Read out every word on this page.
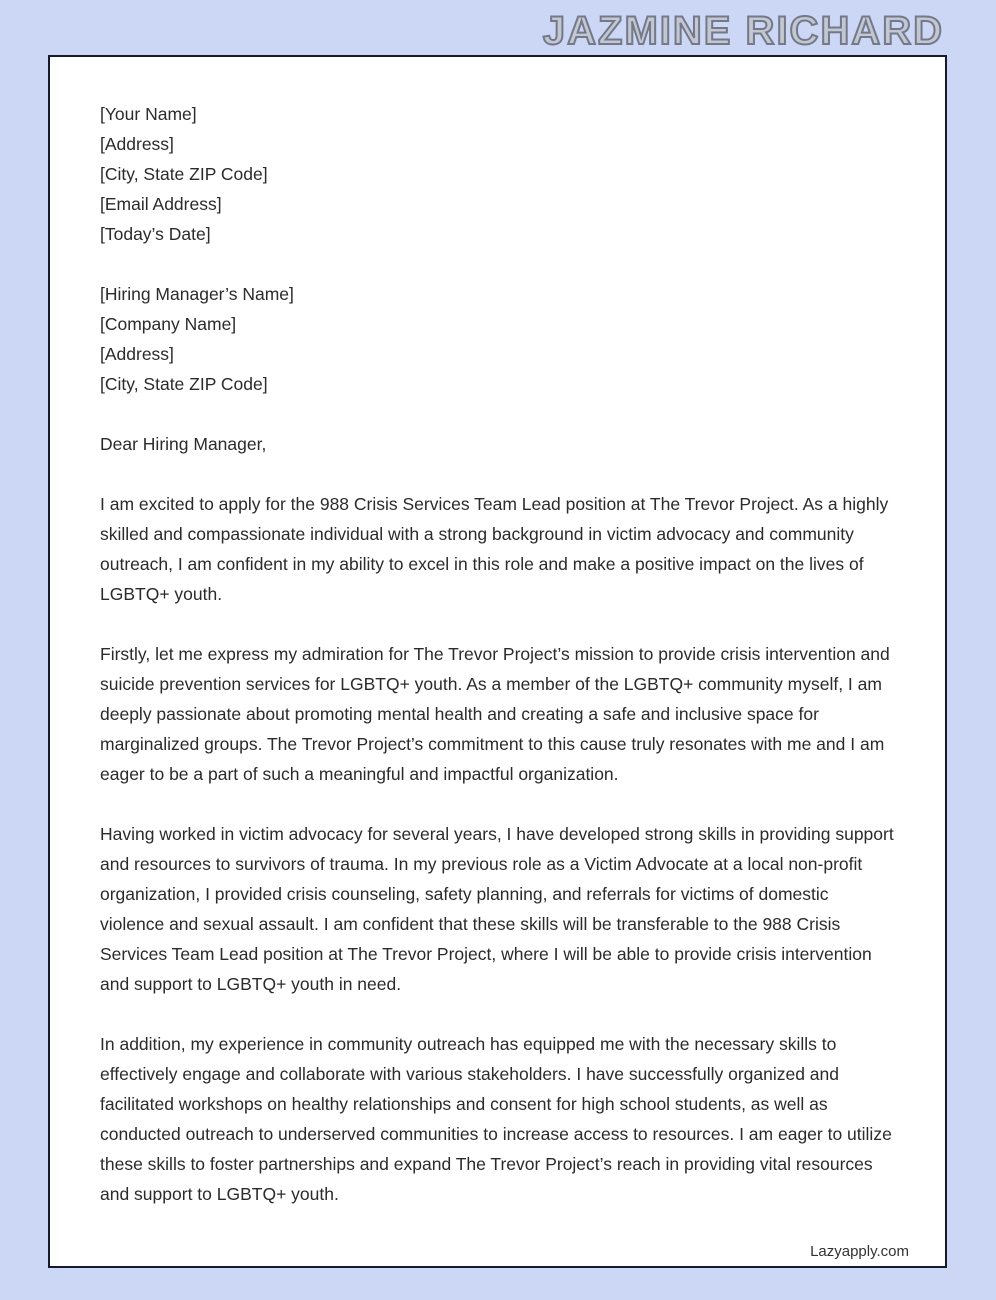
JAZMINE RICHARD
[Your Name]
[Address]
[City, State ZIP Code]
[Email Address]
[Today’s Date]
[Hiring Manager’s Name]
[Company Name]
[Address]
[City, State ZIP Code]
Dear Hiring Manager,

I am excited to apply for the 988 Crisis Services Team Lead position at The Trevor Project. As a highly skilled and compassionate individual with a strong background in victim advocacy and community outreach, I am confident in my ability to excel in this role and make a positive impact on the lives of LGBTQ+ youth.

Firstly, let me express my admiration for The Trevor Project’s mission to provide crisis intervention and suicide prevention services for LGBTQ+ youth. As a member of the LGBTQ+ community myself, I am deeply passionate about promoting mental health and creating a safe and inclusive space for marginalized groups. The Trevor Project’s commitment to this cause truly resonates with me and I am eager to be a part of such a meaningful and impactful organization.

Having worked in victim advocacy for several years, I have developed strong skills in providing support and resources to survivors of trauma. In my previous role as a Victim Advocate at a local non-profit organization, I provided crisis counseling, safety planning, and referrals for victims of domestic violence and sexual assault. I am confident that these skills will be transferable to the 988 Crisis Services Team Lead position at The Trevor Project, where I will be able to provide crisis intervention and support to LGBTQ+ youth in need.

In addition, my experience in community outreach has equipped me with the necessary skills to effectively engage and collaborate with various stakeholders. I have successfully organized and facilitated workshops on healthy relationships and consent for high school students, as well as conducted outreach to underserved communities to increase access to resources. I am eager to utilize these skills to foster partnerships and expand The Trevor Project’s reach in providing vital resources and support to LGBTQ+ youth.

Lazyapply.com
